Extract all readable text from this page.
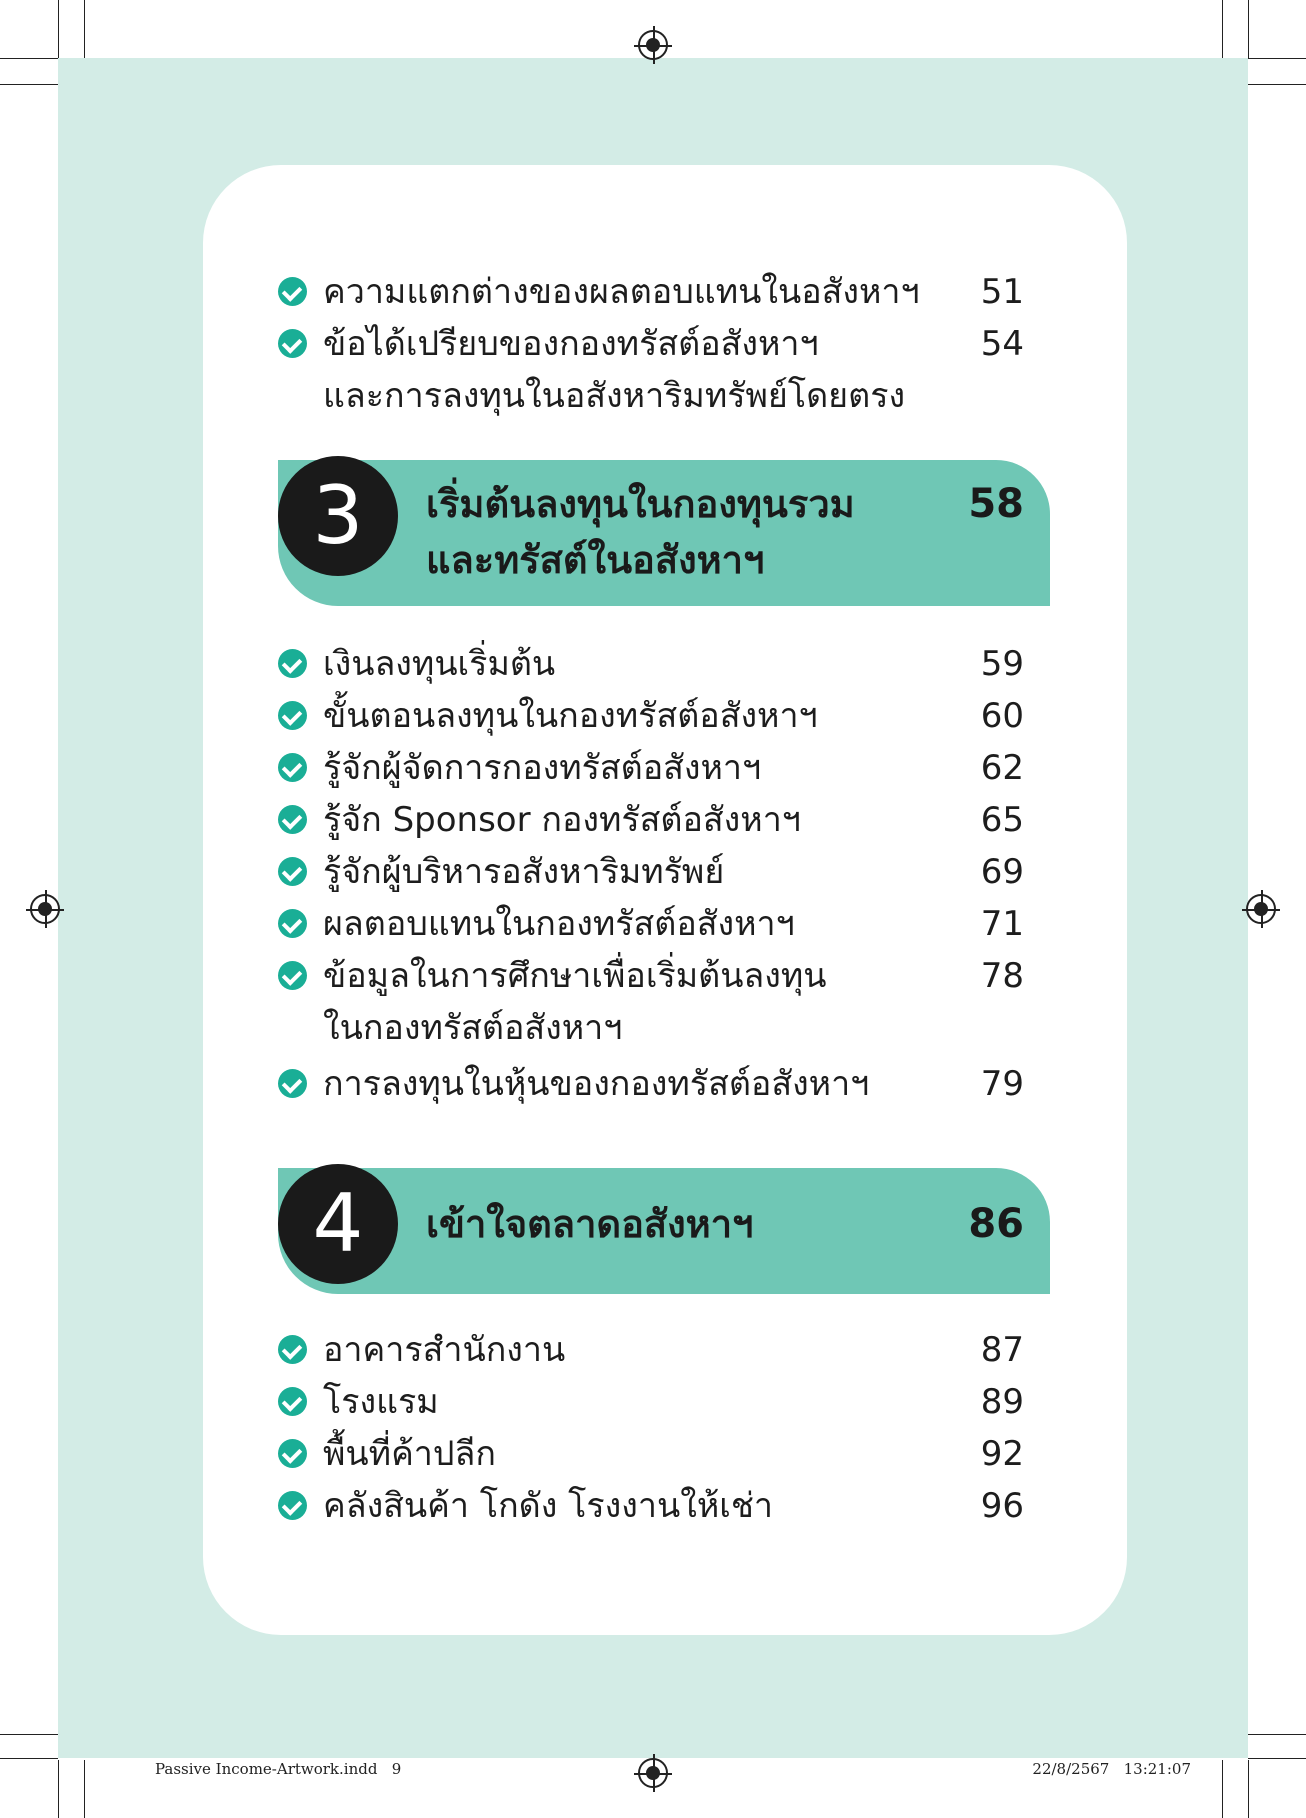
ความแตกต่างของผลตอบแทนในอสังหาฯ 51
ข้อได้เปรียบของกองทรัสต์อสังหาฯ
และการลงทุนในอสังหาริมทรัพย์โดยตรง
54
3	เริ่มต้นลงทุนในกองทุนรวม
และทรัสต์ในอสังหาฯ
58
เงินลงทุนเริ่มต้น	59
ขั้นตอนลงทุนในกองทรัสต์อสังหาฯ	60
รู้จักผู้จัดการกองทรัสต์อสังหาฯ	62
รู้จัก Sponsor กองทรัสต์อสังหาฯ	65
รู้จักผู้บริหารอสังหาริมทรัพย์	69
ผลตอบแทนในกองทรัสต์อสังหาฯ	71
ข้อมูลในการศึกษาเพื่อเริ่มต้นลงทุน
ในกองทรัสต์อสังหาฯ
78
การลงทุนในหุ้นของกองทรัสต์อสังหาฯ	79
4	เข้าใจตลาดอสังหาฯ	86
อาคารสำนักงาน	87
โรงแรม	89
พื้นที่ค้าปลีก	92
คลังสินค้า โกดัง โรงงานให้เช่า	96
Passive Income-Artwork.indd   9	22/8/2567   13:21:07
